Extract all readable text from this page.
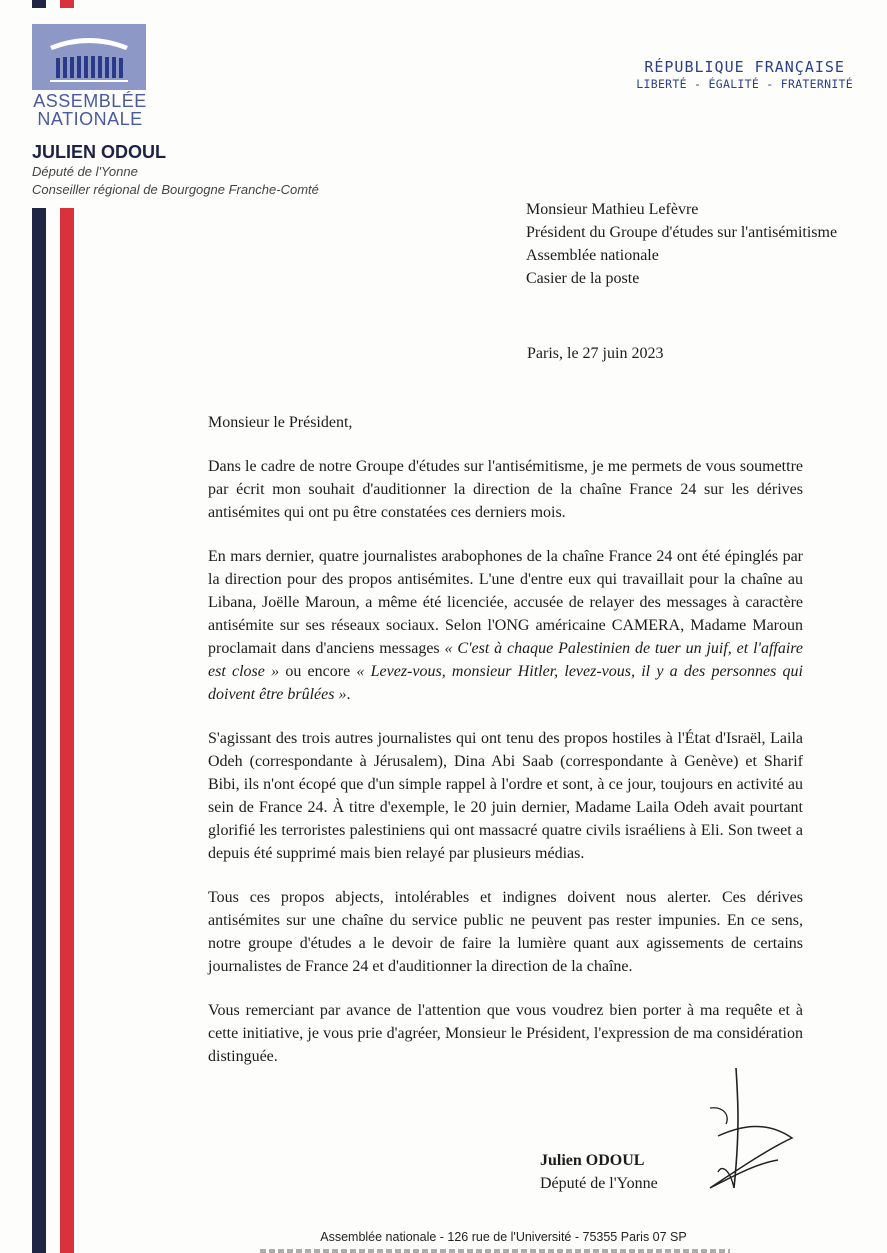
ASSEMBLÉE
NATIONALE
RÉPUBLIQUE FRANÇAISE
LIBERTÉ - ÉGALITÉ - FRATERNITÉ
JULIEN ODOUL
Député de l'Yonne
Conseiller régional de Bourgogne Franche-Comté
Monsieur Mathieu Lefèvre
Président du Groupe d'études sur l'antisémitisme
Assemblée nationale
Casier de la poste
Paris, le 27 juin 2023
Monsieur le Président,

Dans le cadre de notre Groupe d'études sur l'antisémitisme, je me permets de vous soumettre par écrit mon souhait d'auditionner la direction de la chaîne France 24 sur les dérives antisémites qui ont pu être constatées ces derniers mois.

En mars dernier, quatre journalistes arabophones de la chaîne France 24 ont été épinglés par la direction pour des propos antisémites. L'une d'entre eux qui travaillait pour la chaîne au Libana, Joëlle Maroun, a même été licenciée, accusée de relayer des messages à caractère antisémite sur ses réseaux sociaux. Selon l'ONG américaine CAMERA, Madame Maroun proclamait dans d'anciens messages « C'est à chaque Palestinien de tuer un juif, et l'affaire est close » ou encore « Levez-vous, monsieur Hitler, levez-vous, il y a des personnes qui doivent être brûlées ».

S'agissant des trois autres journalistes qui ont tenu des propos hostiles à l'État d'Israël, Laila Odeh (correspondante à Jérusalem), Dina Abi Saab (correspondante à Genève) et Sharif Bibi, ils n'ont écopé que d'un simple rappel à l'ordre et sont, à ce jour, toujours en activité au sein de France 24. À titre d'exemple, le 20 juin dernier, Madame Laila Odeh avait pourtant glorifié les terroristes palestiniens qui ont massacré quatre civils israéliens à Eli. Son tweet a depuis été supprimé mais bien relayé par plusieurs médias.

Tous ces propos abjects, intolérables et indignes doivent nous alerter. Ces dérives antisémites sur une chaîne du service public ne peuvent pas rester impunies. En ce sens, notre groupe d'études a le devoir de faire la lumière quant aux agissements de certains journalistes de France 24 et d'auditionner la direction de la chaîne.

Vous remerciant par avance de l'attention que vous voudrez bien porter à ma requête et à cette initiative, je vous prie d'agréer, Monsieur le Président, l'expression de ma considération distinguée.

Julien ODOUL
Député de l'Yonne
Assemblée nationale - 126 rue de l'Université - 75355 Paris 07 SP
